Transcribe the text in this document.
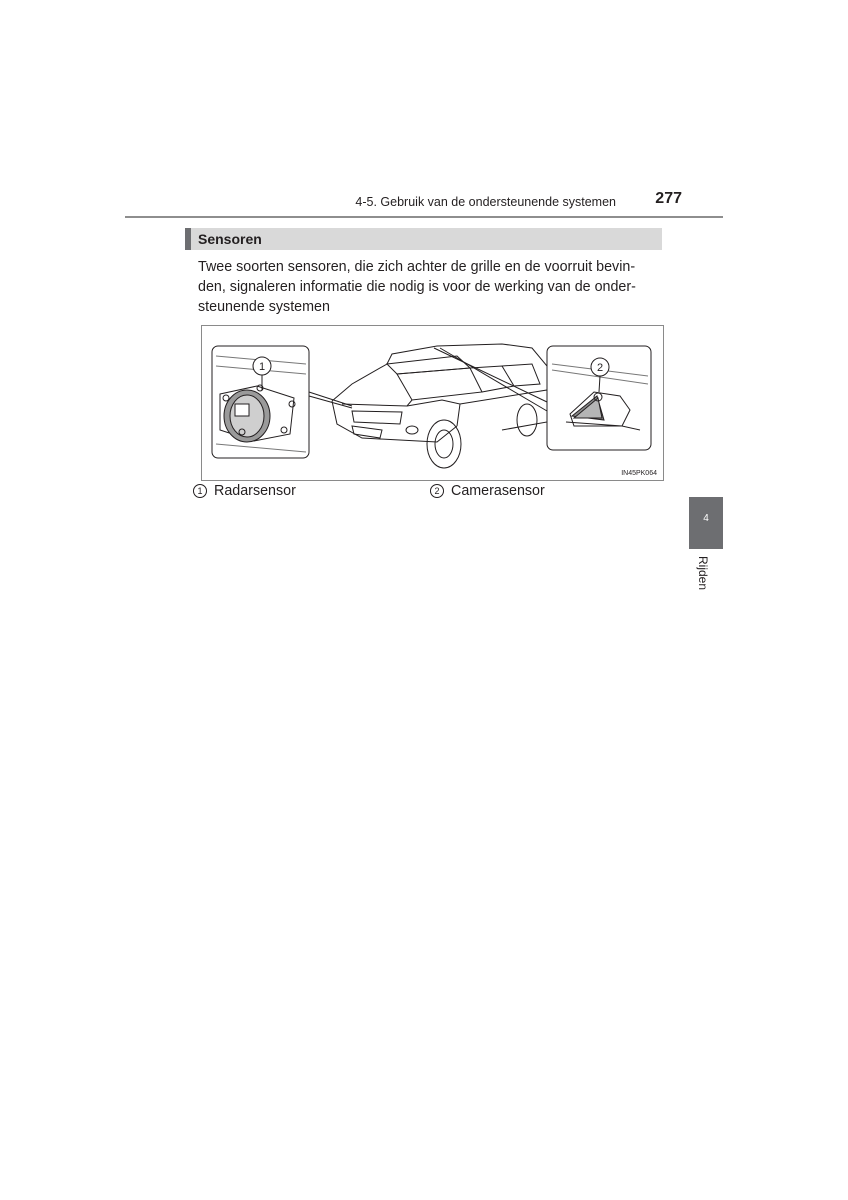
4-5. Gebruik van de ondersteunende systemen 277
Sensoren
Twee soorten sensoren, die zich achter de grille en de voorruit bevin-
den, signaleren informatie die nodig is voor de werking van de onder-
steunende systemen
1	2
IN45PK064
1 Radarsensor	2 Camerasensor
4
Rijden
